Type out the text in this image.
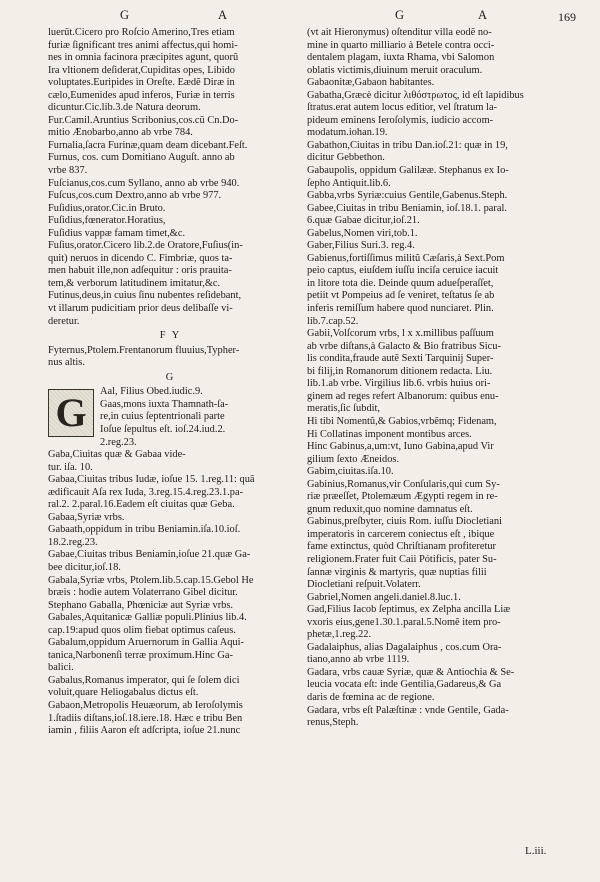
G	A	G	A	169

luerűt.Cicero pro Roſcio Amerino,Tres etiam

furiæ ſignificant tres animi affectus,qui homi-

nes in omnia facinora præcipites agunt, quorũ

Ira vltionem deſiderat,Cupiditas opes, Libido

voluptates.Euripides in Oreſte. Eædẽ Diræ in

cælo,Eumenides apud inferos, Furiæ in terris

dicuntur.Cic.lib.3.de Natura deorum.

Fur.Camil.Aruntius Scribonius,cos.cũ Cn.Do-

mitio Ænobarbo,anno ab vrbe 784.

Furnalia,ſacra Furinæ,quam deam dicebant.Feſt.

Furnus, cos. cum Domitiano Auguſt. anno ab

vrbe 837.

Fuſcianus,cos.cum Syllano, anno ab vrbe 940.

Fuſcus,cos.cum Dextro,anno ab vrbe 977.

Fuſidius,orator.Cic.in Bruto.

Fuſidius,fœnerator.Horatius,

Fuſidius vappæ famam timet,&c.

Fuſius,orator.Cicero lib.2.de Oratore,Fuſius(in-

quit) neruos in dicendo C. Fimbriæ, quos ta-

men habuit ille,non adſequitur : oris prauita-

tem,& verborum latitudinem imitatur,&c.

Futinus,deus,in cuius ſinu nubentes reſidebant,

vt illarum pudicitiam prior deus delibaſſe vi-

deretur.

F Y

Fyternus,Ptolem.Frentanorum fluuius,Typher-

nus altis.

G
G	Aal, Filius Obed.iudic.9.

Gaas,mons iuxta Thamnath-ſa-

re,in cuius ſeptentrionali parte

Ioſue ſepultus eſt. ioſ.24.iud.2.

2.reg.23.

Gaba,Ciuitas quæ & Gabaa vide-

tur. iſa. 10.

Gabaa,Ciuitas tribus Iudæ, ioſue 15. 1.reg.11: quã

ædificauit Aſa rex Iuda, 3.reg.15.4.reg.23.1.pa-

ral.2. 2.paral.16.Eadem eſt ciuitas quæ Geba.

Gabaa,Syriæ vrbs.

Gabaath,oppidum in tribu Beniamin.iſa.10.ioſ.

18.2.reg.23.

Gabae,Ciuitas tribus Beniamin,ioſue 21.quæ Ga-

bee dicitur,ioſ.18.

Gabala,Syriæ vrbs, Ptolem.lib.5.cap.15.Gebol He

bræis : hodie autem Volaterrano Gibel dicitur.

Stephano Gaballa, Phœniciæ aut Syriæ vrbs.

Gabales,Aquitanicæ Galliæ populi.Plinius lib.4.

cap.19:apud quos olim fiebat optimus caſeus.

Gabalum,oppidum Aruernorum in Gallia Aqui-

tanica,Narbonenſi terræ proximum.Hinc Ga-

balici.

Gabalus,Romanus imperator, qui ſe ſolem dici

voluit,quare Heliogabalus dictus eſt.

Gabaon,Metropolis Heuæorum, ab Ieroſolymis

1.ſtadiis diſtans,ioſ.18.iere.18. Hæc e tribu Ben

iamin , filiis Aaron eſt adſcripta, ioſue 21.nunc

(vt ait Hieronymus) oſtenditur villa eodẽ no-

mine in quarto milliario à Betele contra occi-

dentalem plagam, iuxta Rhama, vbi Salomon

oblatis victimis,diuinum meruit oraculum.

Gabaonitæ,Gabaon habitantes.

Gabatha,Græcè dicitur λιθόστρωτος, id eſt lapidibus

ſtratus.erat autem locus editior, vel ſtratum la-

pideum eminens Ieroſolymis, iudicio accom-

modatum.iohan.19.

Gabathon,Ciuitas in tribu Dan.ioſ.21: quæ in 19,

dicitur Gebbethon.

Gabaupolis, oppidum Galilææ. Stephanus ex Io-

ſepho Antiquit.lib.6.

Gabba,vrbs Syriæ:cuius Gentile,Gabenus.Steph.

Gabee,Ciuitas in tribu Beniamin, ioſ.18.1. paral.

6.quæ Gabae dicitur,ioſ.21.

Gabelus,Nomen viri,tob.1.

Gaber,Filius Suri.3. reg.4.

Gabienus,fortiſſimus militũ Cæſaris,à Sext.Pom

peio captus, eiuſdem iuſſu inciſa ceruice iacuit

in litore tota die. Deinde quum adueſperaſſet,

petiit vt Pompeius ad ſe veniret, teſtatus ſe ab

inferis remiſſum habere quod nunciaret. Plin.

lib.7.cap.52.

Gabii,Volſcorum vrbs, l x x.millibus paſſuum

ab vrbe diſtans,à Galacto & Bio fratribus Sicu-

lis condita,fraude autẽ Sexti Tarquinij Super-

bi filij,in Romanorum ditionem redacta. Liu.

lib.1.ab vrbe. Virgilius lib.6. vrbis huius ori-

ginem ad reges refert Albanorum: quibus enu-

meratis,ſic ſubdit,

Hi tibi Nomentũ,& Gabios,vrbẽmq; Fidenam,

Hi Collatinas imponent montibus arces.

Hinc Gabinus,a,um:vt, Iuno Gabina,apud Vir

gilium ſexto Æneidos.

Gabim,ciuitas.iſa.10.

Gabinius,Romanus,vir Conſularis,qui cum Sy-

riæ præeſſet, Ptolemæum Ægypti regem in re-

gnum reduxit,quo nomine damnatus eſt.

Gabinus,preſbyter, ciuis Rom. iuſſu Diocletiani

imperatoris in carcerem coniectus eſt , ibique

fame extinctus, quòd Chriſtianam profiteretur

religionem.Frater fuit Caii Pótificis, pater Su-

ſannæ virginis & martyris, quæ nuptias filii

Diocletiani reſpuit.Volaterr.

Gabriel,Nomen angeli.daniel.8.luc.1.

Gad,Filius Iacob ſeptimus, ex Zelpha ancilla Liæ

vxoris eius,gene1.30.1.paral.5.Nomẽ item pro-

phetæ,1.reg.22.

Gadalaiphus, alias Dagalaiphus , cos.cum Ora-

tiano,anno ab vrbe 1119.

Gadara, vrbs cauæ Syriæ, quæ & Antiochia & Se-

leucia vocata eſt: inde Gentilia,Gadareus,& Ga

daris de fœmina ac de regione.

Gadara, vrbs eſt Palæſtinæ : vnde Gentile, Gada-

renus,Steph.

L.iii.
